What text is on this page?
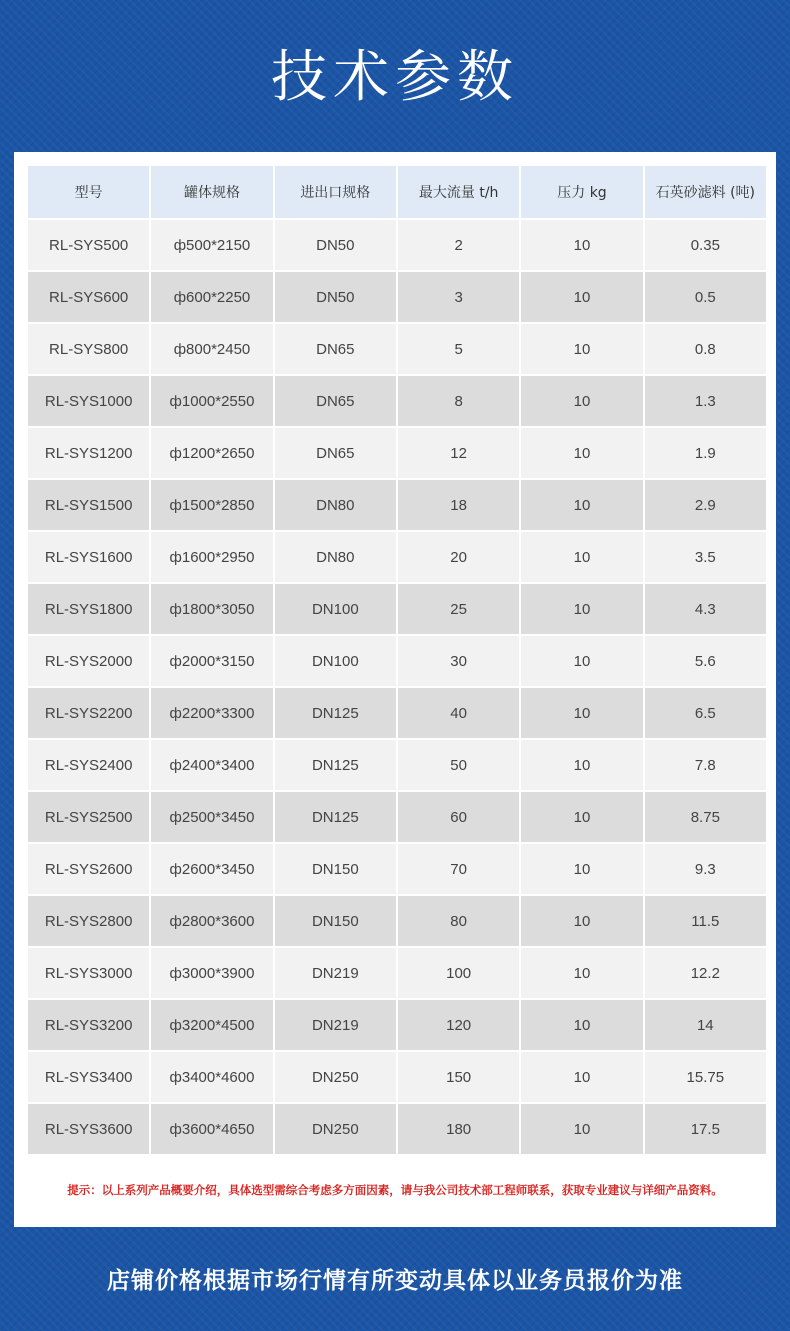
技术参数
型号	罐体规格	进出口规格	最大流量 t/h	压力 kg	石英砂滤料 (吨)
RL-SYS500	ф500*2150	DN50	2	10	0.35
RL-SYS600	ф600*2250	DN50	3	10	0.5
RL-SYS800	ф800*2450	DN65	5	10	0.8
RL-SYS1000	ф1000*2550	DN65	8	10	1.3
RL-SYS1200	ф1200*2650	DN65	12	10	1.9
RL-SYS1500	ф1500*2850	DN80	18	10	2.9
RL-SYS1600	ф1600*2950	DN80	20	10	3.5
RL-SYS1800	ф1800*3050	DN100	25	10	4.3
RL-SYS2000	ф2000*3150	DN100	30	10	5.6
RL-SYS2200	ф2200*3300	DN125	40	10	6.5
RL-SYS2400	ф2400*3400	DN125	50	10	7.8
RL-SYS2500	ф2500*3450	DN125	60	10	8.75
RL-SYS2600	ф2600*3450	DN150	70	10	9.3
RL-SYS2800	ф2800*3600	DN150	80	10	11.5
RL-SYS3000	ф3000*3900	DN219	100	10	12.2
RL-SYS3200	ф3200*4500	DN219	120	10	14
RL-SYS3400	ф3400*4600	DN250	150	10	15.75
RL-SYS3600	ф3600*4650	DN250	180	10	17.5
提示：以上系列产品概要介绍，具体选型需综合考虑多方面因素，请与我公司技术部工程师联系，获取专业建议与详细产品资料。
店铺价格根据市场行情有所变动具体以业务员报价为准
